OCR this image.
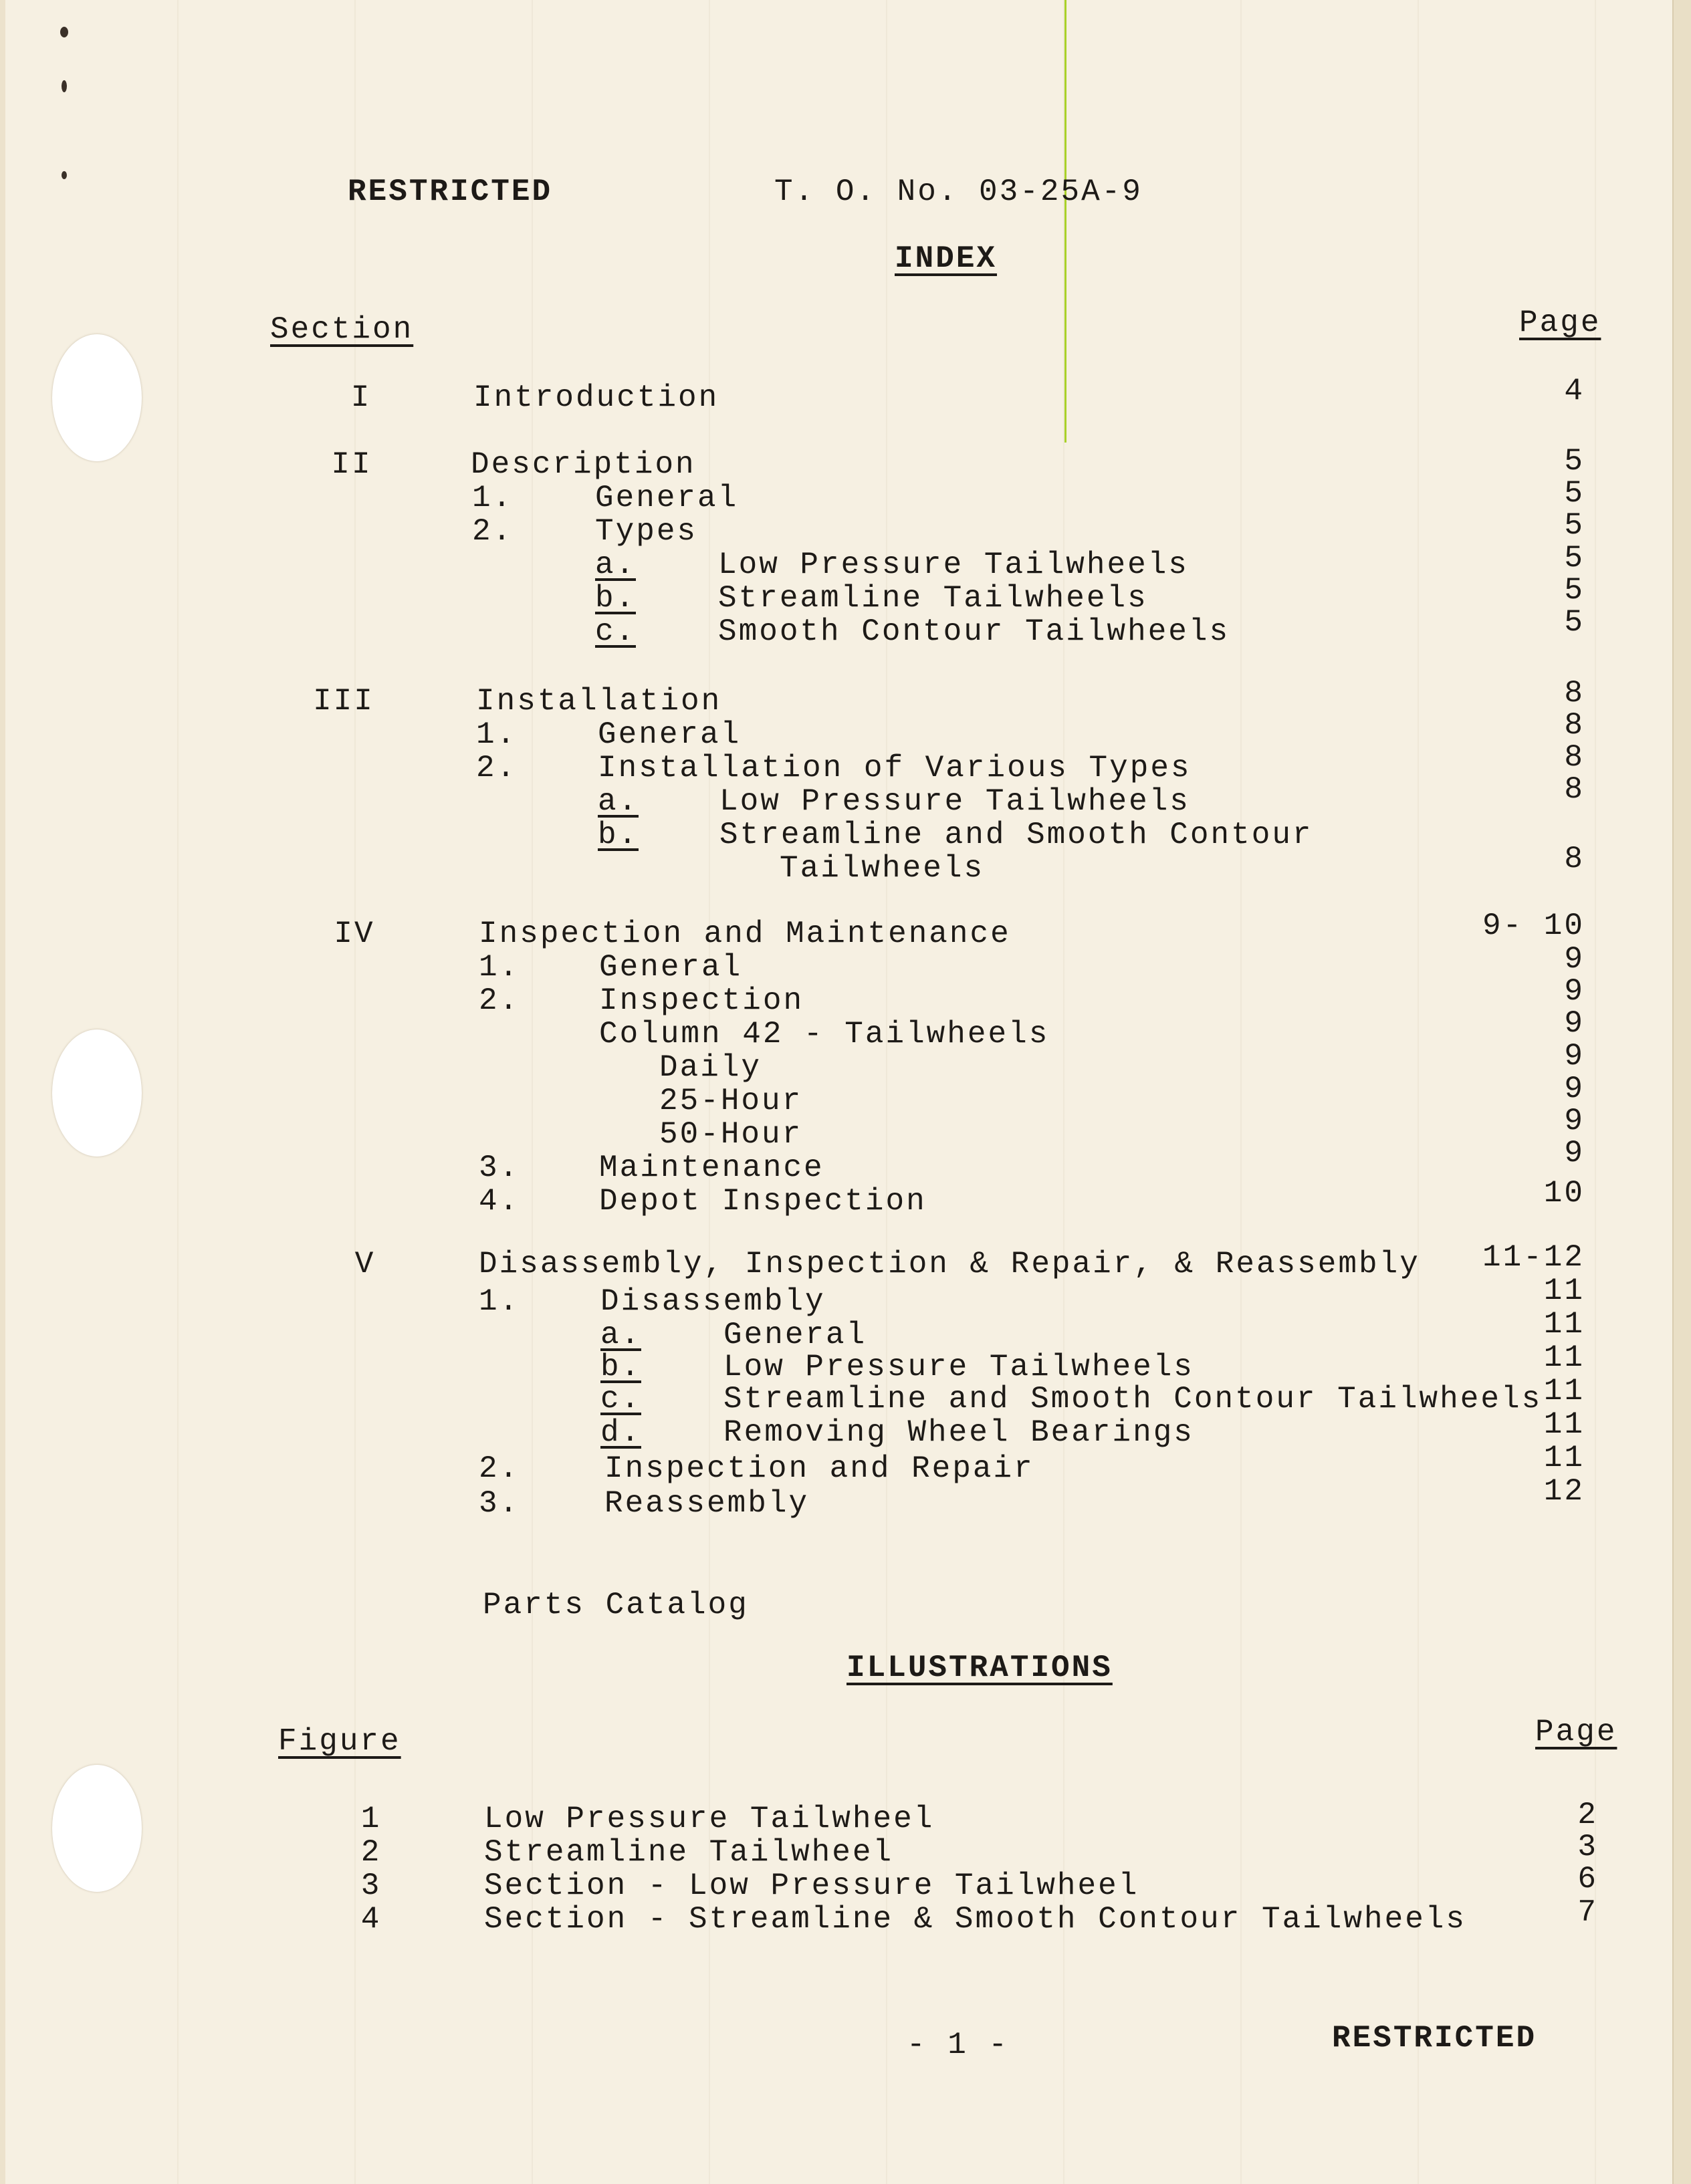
RESTRICTED	T. O. No. 03-25A-9
INDEX
Section	Page
I	Introduction	4
II	Description	5
1.	General	5
2.	Types	5
a.	Low Pressure Tailwheels	5
b.	Streamline Tailwheels	5
c.	Smooth Contour Tailwheels	5
III	Installation	8
1.	General	8
2.	Installation of Various Types	8
a.	Low Pressure Tailwheels	8
b.	Streamline and Smooth Contour
Tailwheels	8
IV	Inspection and Maintenance	9- 10
1.	General	9
2.	Inspection	9
Column 42 - Tailwheels	9
Daily	9
25-Hour	9
50-Hour	9
3.	Maintenance	9
4.	Depot Inspection	10
V	Disassembly, Inspection & Repair, & Reassembly	11-12
1.	Disassembly	11
a.	General	11
b.	Low Pressure Tailwheels	11
c.	Streamline and Smooth Contour Tailwheels 11
d.	Removing Wheel Bearings	11
2.	Inspection and Repair	11
3.	Reassembly	12
Parts Catalog
ILLUSTRATIONS
Figure	Page
1	Low Pressure Tailwheel	2
2	Streamline Tailwheel	3
3	Section - Low Pressure Tailwheel	6
4	Section - Streamline & Smooth Contour Tailwheels	7
- 1 -	RESTRICTED
